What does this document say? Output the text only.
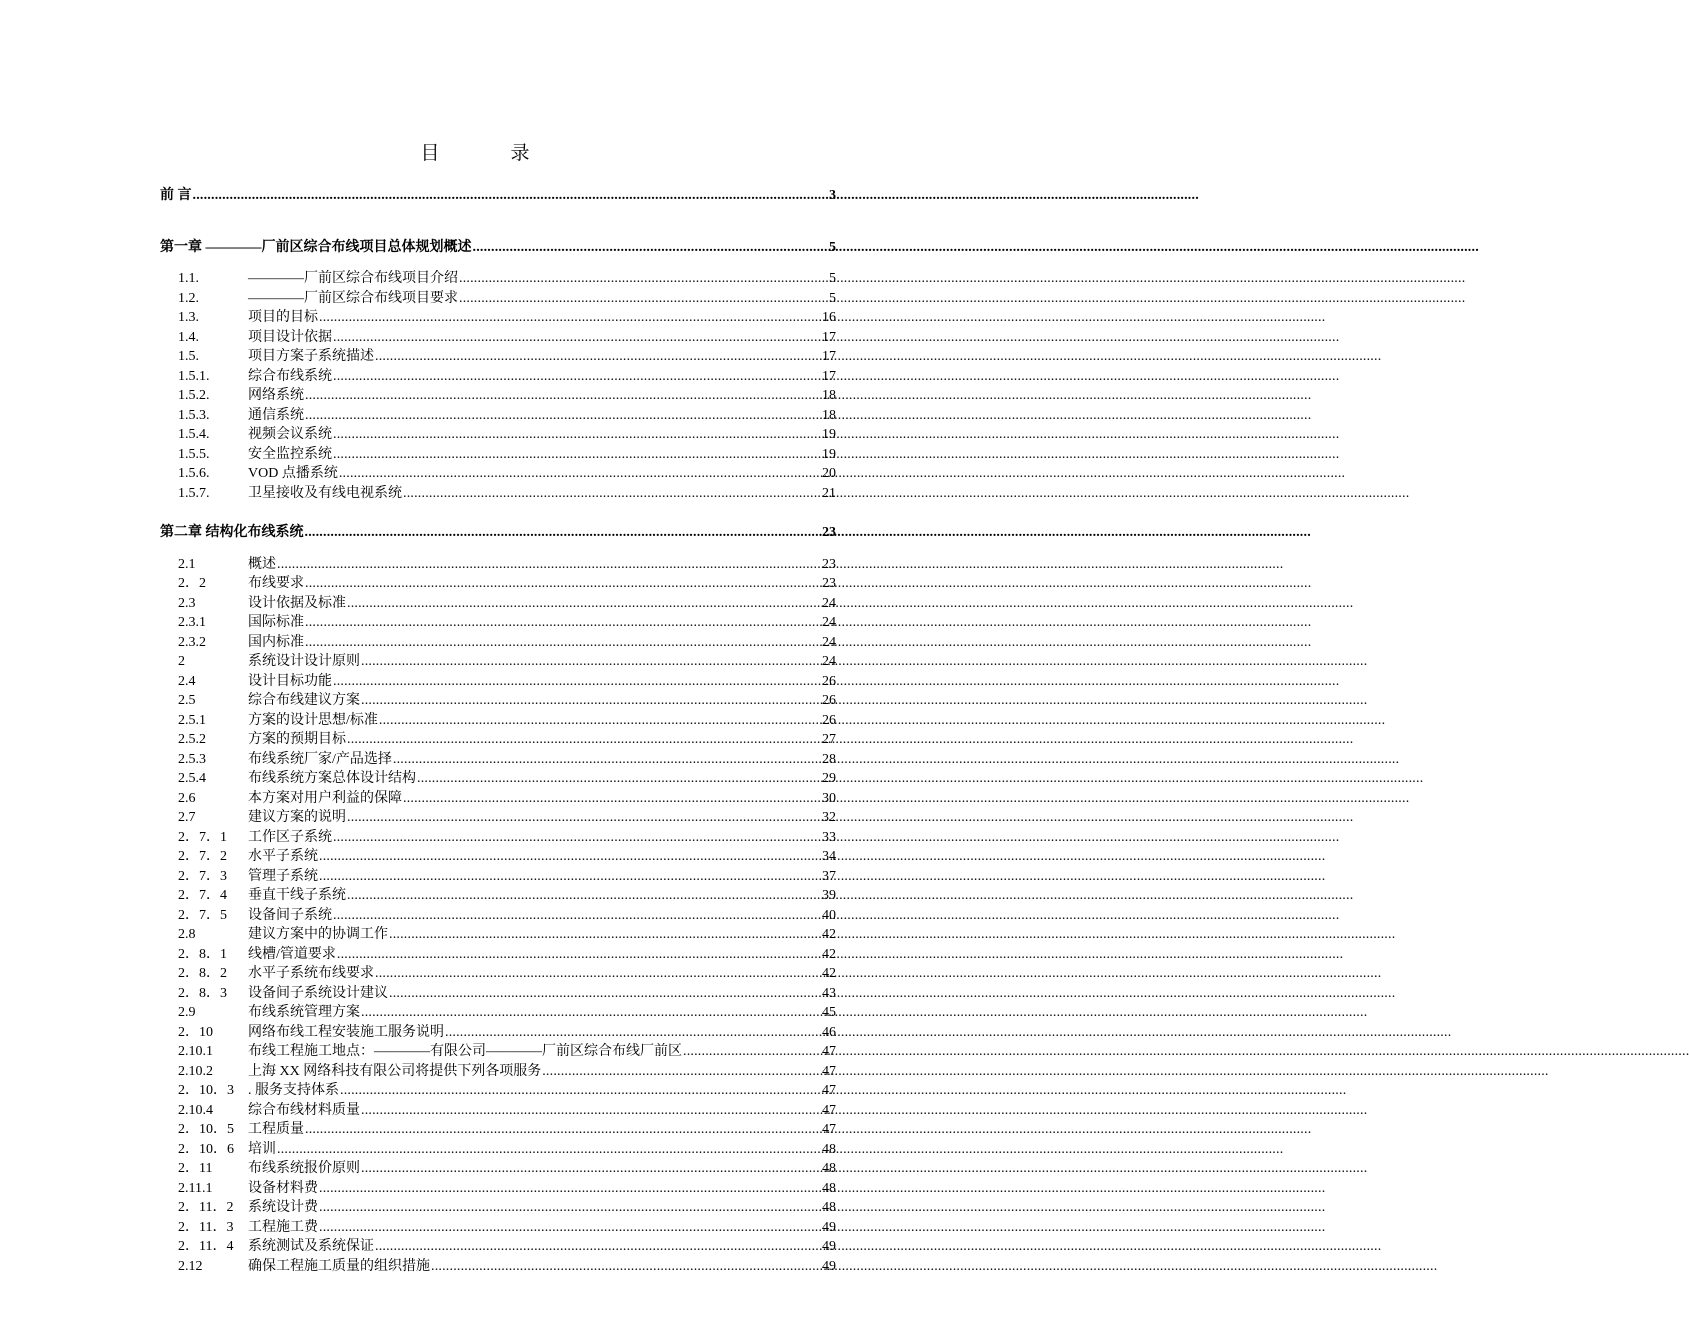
目　录
前 言 .....	3
第一章 ————厂前区综合布线项目总体规划概述 .....	5
1.1.	————厂前区综合布线项目介绍 .....	5
1.2.	————厂前区综合布线项目要求 .....	5
1.3.	项目的目标 .....	16
1.4.	项目设计依据 .....	17
1.5.	项目方案子系统描述 .....	17
1.5.1.	综合布线系统 .....	17
1.5.2.	网络系统 .....	18
1.5.3.	通信系统 .....	18
1.5.4.	视频会议系统 .....	19
1.5.5.	安全监控系统 .....	19
1.5.6.	VOD 点播系统 .....	20
1.5.7.	卫星接收及有线电视系统 .....	21
第二章 结构化布线系统 .....	23
2.1	概述 .....	23
2．2	布线要求 .....	23
2.3	设计依据及标准 .....	24
2.3.1	国际标准 .....	24
2.3.2	国内标准 .....	24
2	系统设计设计原则 .....	24
2.4	设计目标功能 .....	26
2.5	综合布线建议方案 .....	26
2.5.1	方案的设计思想/标准 .....	26
2.5.2	方案的预期目标 .....	27
2.5.3	布线系统厂家/产品选择 .....	28
2.5.4	布线系统方案总体设计结构 .....	29
2.6	本方案对用户利益的保障 .....	30
2.7	建议方案的说明 .....	32
2．7．1	工作区子系统 .....	33
2．7．2	水平子系统 .....	34
2．7．3	管理子系统 .....	37
2．7．4	垂直干线子系统 .....	39
2．7．5	设备间子系统 .....	40
2.8	建议方案中的协调工作 .....	42
2．8．1	线槽/管道要求 .....	42
2．8．2	水平子系统布线要求 .....	42
2．8．3	设备间子系统设计建议 .....	43
2.9	布线系统管理方案 .....	45
2．10	网络布线工程安装施工服务说明 .....	46
2.10.1	布线工程施工地点：————有限公司————厂前区综合布线厂前区 .....	47
2.10.2	上海 XX 网络科技有限公司将提供下列各项服务 .....	47
2．10．3	. 服务支持体系 .....	47
2.10.4	综合布线材料质量 .....	47
2．10．5	工程质量 .....	47
2．10．6	培训 .....	48
2．11	布线系统报价原则 .....	48
2.11.1	设备材料费 .....	48
2．11．2	系统设计费 .....	48
2．11．3	工程施工费 .....	49
2．11．4	系统测试及系统保证 .....	49
2.12	确保工程施工质量的组织措施 .....	49
